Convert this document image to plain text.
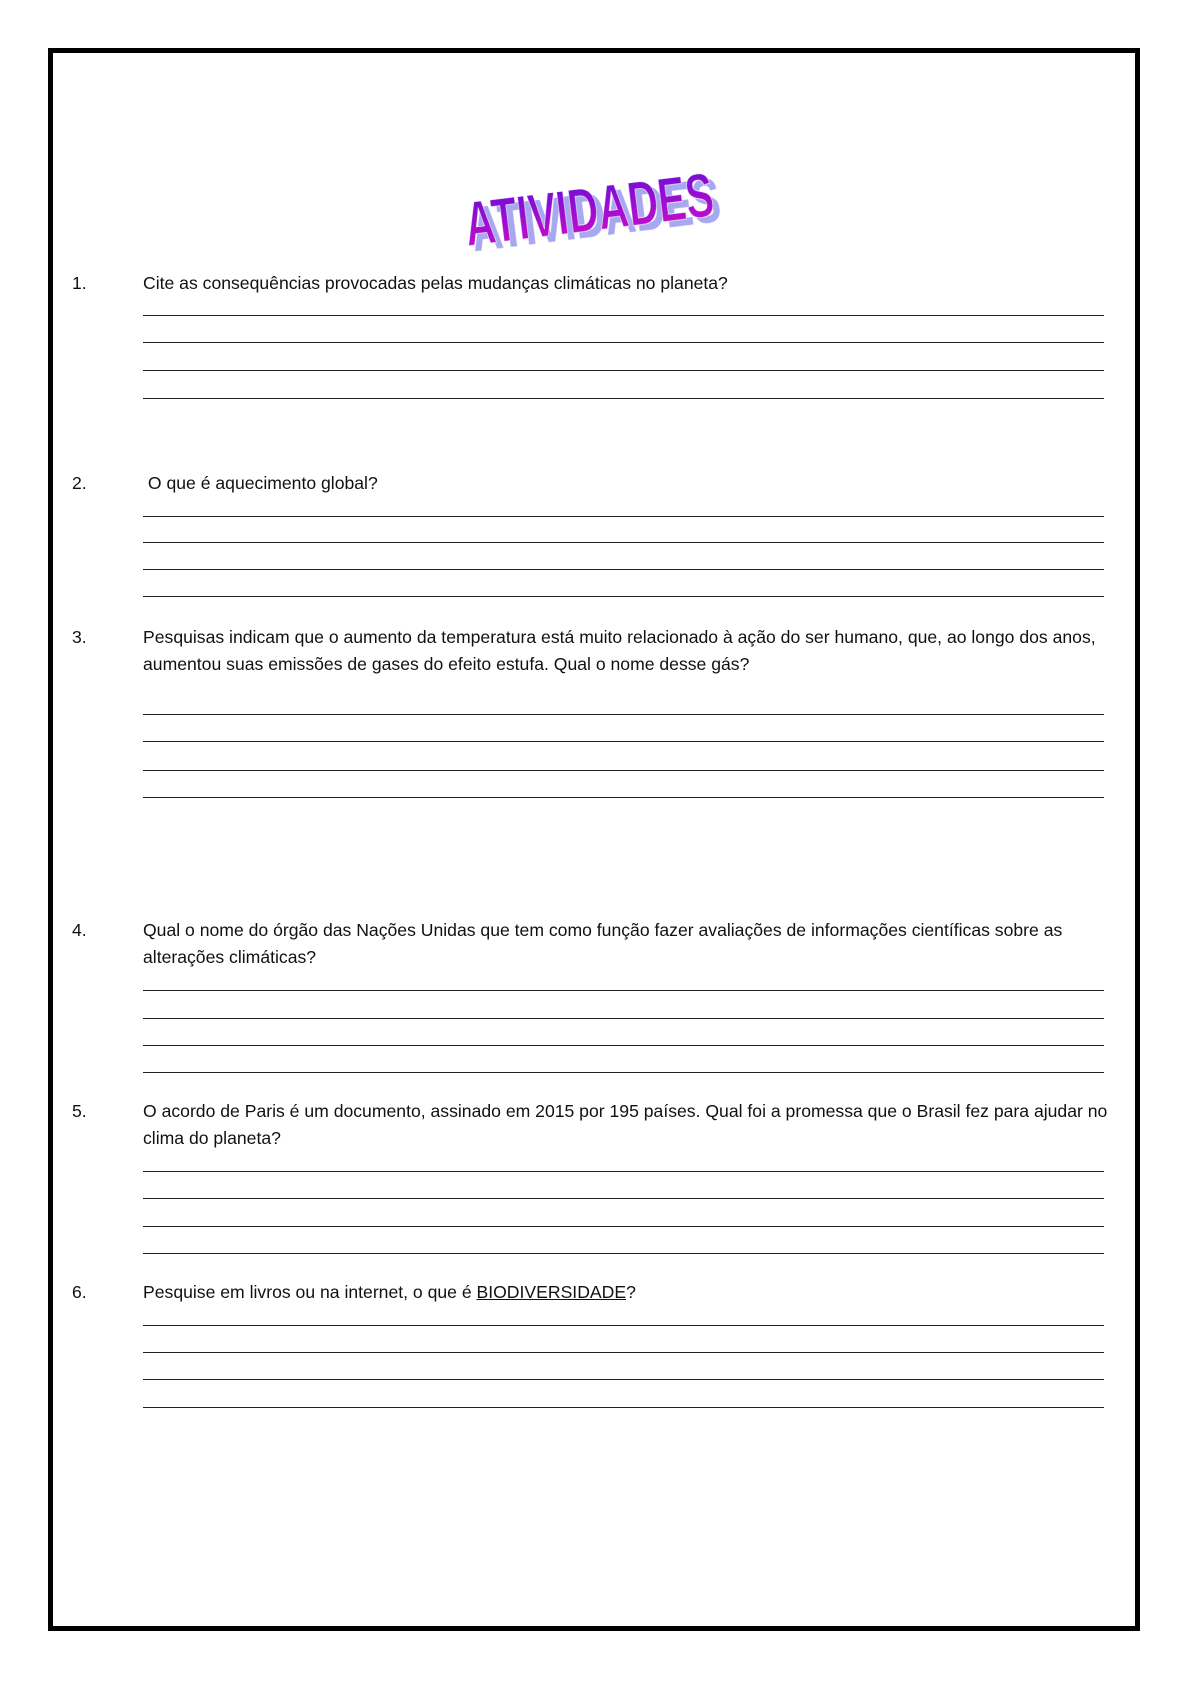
ATIVIDADES
1.	Cite as consequências provocadas pelas mudanças climáticas no planeta?
2.	O que é aquecimento global?
3.	Pesquisas indicam que o aumento da temperatura está muito relacionado à ação do ser humano, que, ao longo dos anos, aumentou suas emissões de gases do efeito estufa. Qual o nome desse gás?
4.	Qual o nome do órgão das Nações Unidas que tem como função fazer avaliações de informações científicas sobre as alterações climáticas?
5.	O acordo de Paris é um documento, assinado em 2015 por 195 países. Qual foi a promessa que o Brasil fez para ajudar no clima do planeta?
6.	Pesquise em livros ou na internet, o que é BIODIVERSIDADE?
